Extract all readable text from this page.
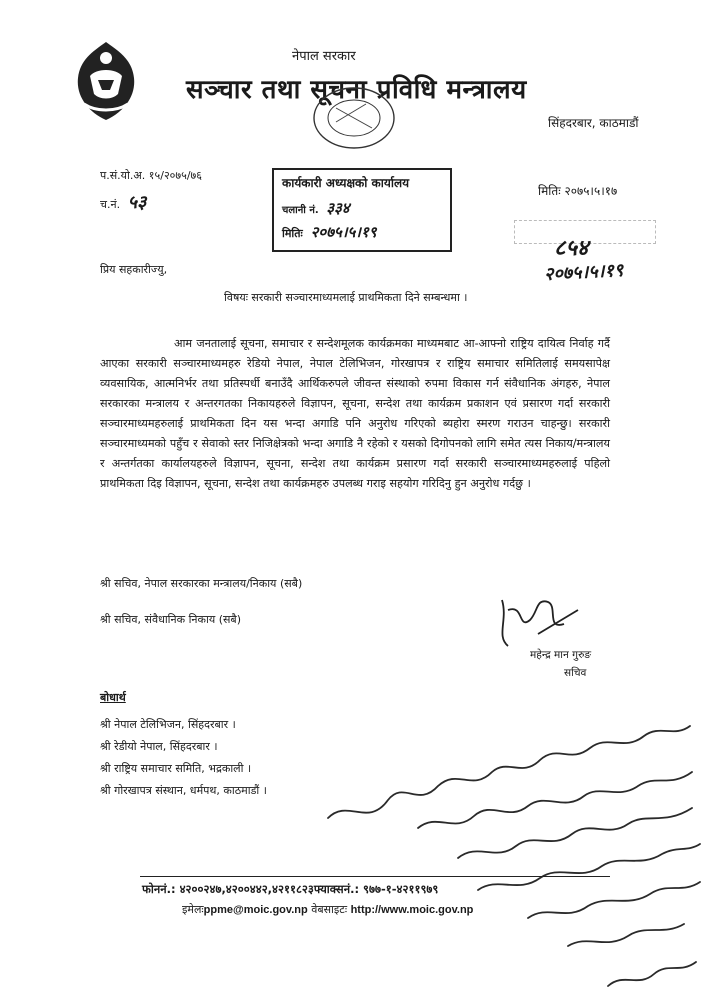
नेपाल सरकार
सञ्चार तथा सूचना प्रविधि मन्त्रालय
सिंहदरबार, काठमाडौं
प.सं.यो.अ. १५/२०७५/७६
च.नं. ५३
कार्यकारी अध्यक्षको कार्यालय
चलानी नं. ३३४
मितिः २०७५।५।१९
मितिः २०७५।५।१७
८५४
२०७५।५।१९
प्रिय सहकारीज्यु,
विषयः सरकारी सञ्चारमाध्यमलाई प्राथमिकता दिने सम्बन्धमा ।
आम जनतालाई सूचना, समाचार र सन्देशमूलक कार्यक्रमका माध्यमबाट आ-आफ्नो राष्ट्रिय दायित्व निर्वाह गर्दै आएका सरकारी सञ्चारमाध्यमहरु रेडियो नेपाल, नेपाल टेलिभिजन, गोरखापत्र र राष्ट्रिय समाचार समितिलाई समयसापेक्ष व्यवसायिक, आत्मनिर्भर तथा प्रतिस्पर्धी बनाउँदै आर्थिकरुपले जीवन्त संस्थाको रुपमा विकास गर्न संवैधानिक अंगहरु, नेपाल सरकारका मन्त्रालय र अन्तरगतका निकायहरुले विज्ञापन, सूचना, सन्देश तथा कार्यक्रम प्रकाशन एवं प्रसारण गर्दा सरकारी सञ्चारमाध्यमहरुलाई प्राथमिकता दिन यस भन्दा अगाडि पनि अनुरोध गरिएको ब्यहोरा स्मरण गराउन चाहन्छु। सरकारी सञ्चारमाध्यमको पहुँच र सेवाको स्तर निजिक्षेत्रको भन्दा अगाडि नै रहेको र यसको दिगोपनको लागि समेत त्यस निकाय/मन्त्रालय र अन्तर्गतका कार्यालयहरुले विज्ञापन, सूचना, सन्देश तथा कार्यक्रम प्रसारण गर्दा सरकारी सञ्चारमाध्यमहरुलाई पहिलो प्राथमिकता दिइ विज्ञापन, सूचना, सन्देश तथा कार्यक्रमहरु उपलब्ध गराइ सहयोग गरिदिनु हुन अनुरोध गर्दछु ।
श्री सचिव, नेपाल सरकारका मन्त्रालय/निकाय (सबै)
श्री सचिव, संवैधानिक निकाय (सबै)
महेन्द्र मान गुरुङ
सचिव
बोधार्थ
श्री नेपाल टेलिभिजन, सिंहदरबार ।
श्री रेडीयो नेपाल, सिंहदरबार ।
श्री राष्ट्रिय समाचार समिति, भद्रकाली ।
श्री गोरखापत्र संस्थान, धर्मपथ, काठमाडौं ।
फोननं.: ४२००२४७,४२००४४२,४२११८२३फ्याक्सनं.: ९७७-१-४२११९७९
इमेलःppme@moic.gov.np वेबसाइटः http://www.moic.gov.np
